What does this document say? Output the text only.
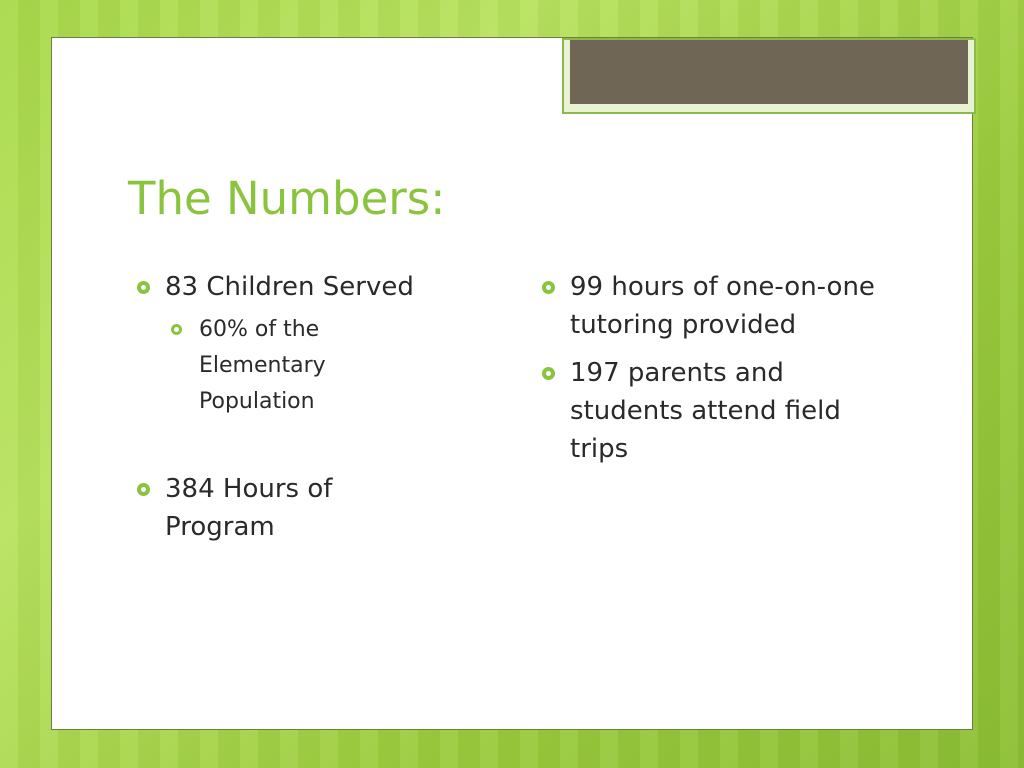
The Numbers:
83 Children Served
60% of the Elementary Population
384 Hours of Program
99 hours of one-on-one tutoring provided
197 parents and students attend field trips
